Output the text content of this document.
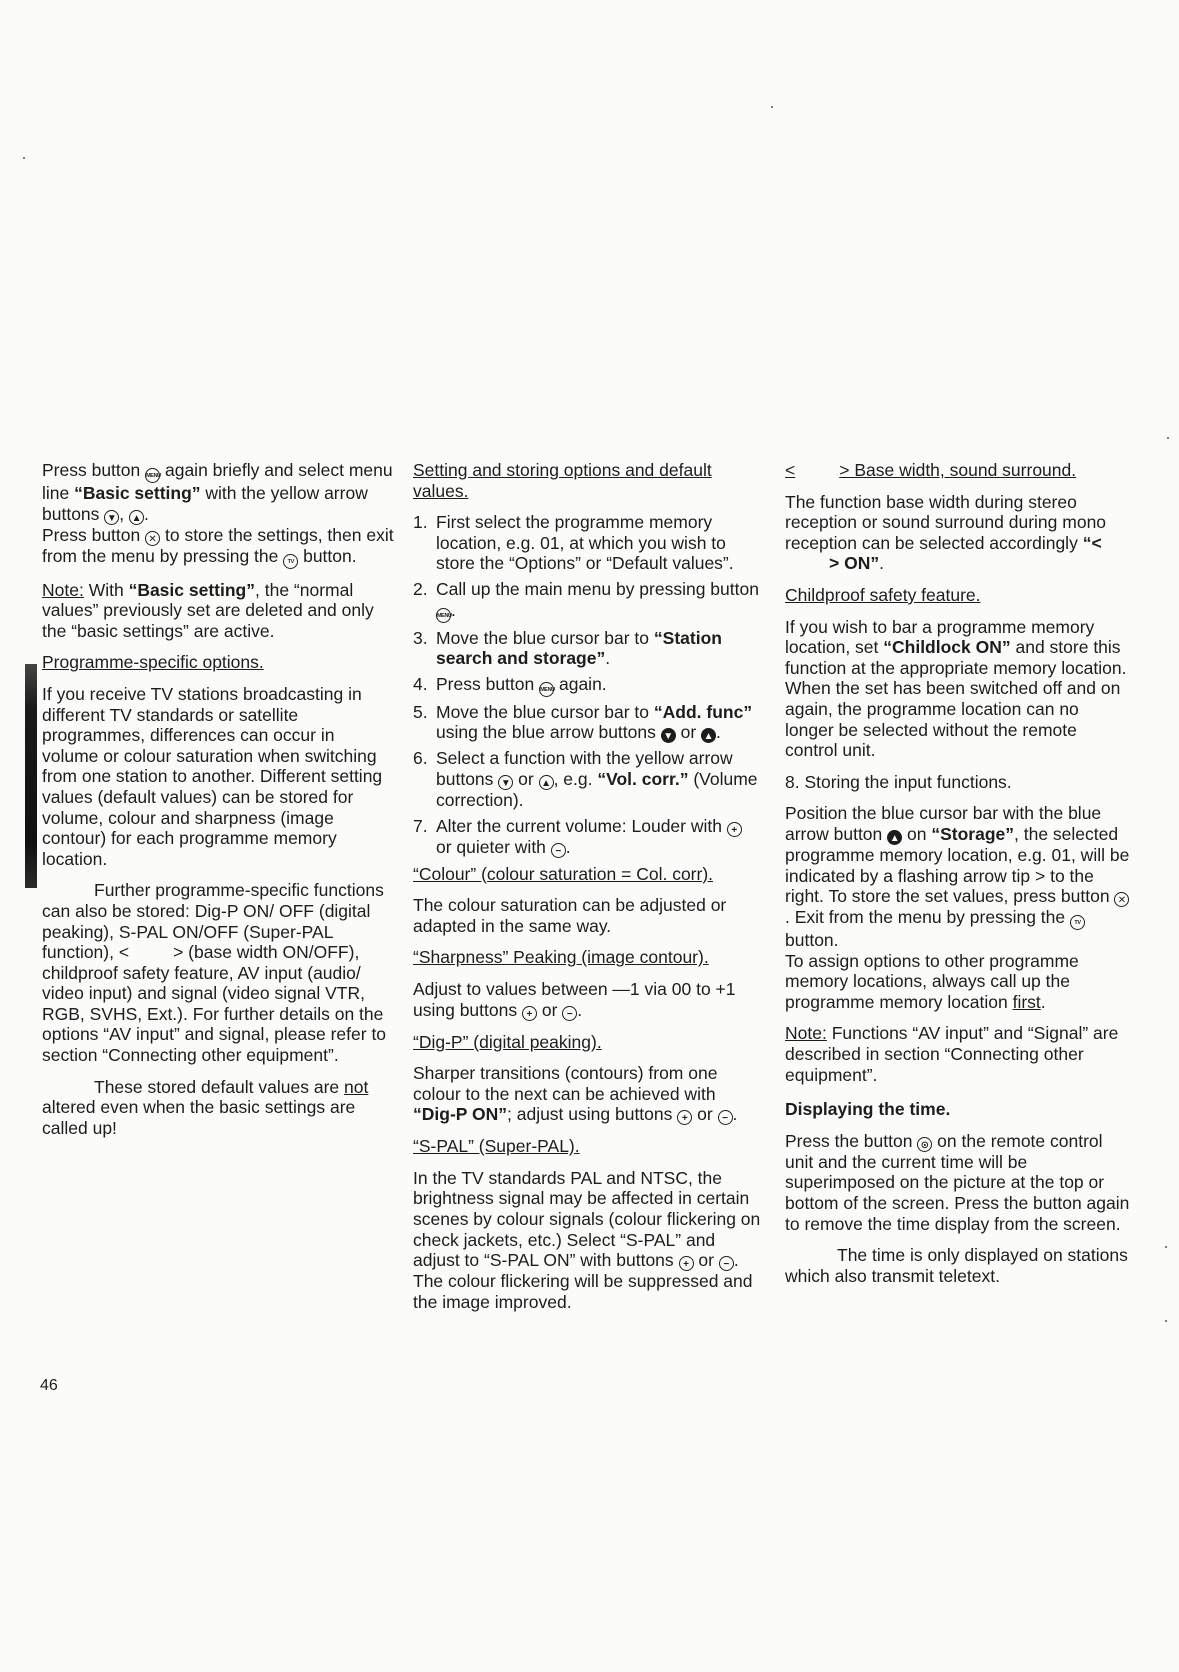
Press button MENU again briefly and select menu line “Basic setting” with the yellow arrow buttons ▼ , ▲ .
Press button ✕ to store the settings, then exit from the menu by pressing the TV button.

Note: With “Basic setting”, the “normal values” previously set are deleted and only the “basic settings” are active.

Programme-specific options.

If you receive TV stations broadcasting in different TV standards or satellite programmes, differences can occur in volume or colour saturation when switching from one station to another. Different setting values (default values) can be stored for volume, colour and sharpness (image contour) for each programme memory location.

Further programme-specific functions can also be stored: Dig-P ON/ OFF (digital peaking), S-PAL ON/OFF (Super-PAL function), <	> (base width ON/OFF), childproof safety feature, AV input (audio/ video input) and signal (video signal VTR, RGB, SVHS, Ext.). For further details on the options “AV input” and signal, please refer to section “Connecting other equipment”.

These stored default values are not altered even when the basic settings are called up!

Setting and storing options and default values.

1. First select the programme memory location, e.g. 01, at which you wish to store the “Options” or “Default values”.
2. Call up the main menu by pressing button MENU.
3. Move the blue cursor bar to “Station search and storage”.
4. Press button MENU again.
5. Move the blue cursor bar to “Add. func” using the blue arrow buttons ▼ or ▲ .
6. Select a function with the yellow arrow buttons ▼ or ▲ , e.g. “Vol. corr.” (Volume correction).
7. Alter the current volume: Louder with + or quieter with − .

“Colour” (colour saturation = Col. corr).

The colour saturation can be adjusted or adapted in the same way.

“Sharpness” Peaking (image contour).

Adjust to values between —1 via 00 to +1 using buttons + or − .

“Dig-P” (digital peaking).

Sharper transitions (contours) from one colour to the next can be achieved with “Dig-P ON”; adjust using buttons + or − .

“S-PAL” (Super-PAL).

In the TV standards PAL and NTSC, the brightness signal may be affected in certain scenes by colour signals (colour flickering on check jackets, etc.) Select “S-PAL” and adjust to “S-PAL ON” with buttons + or − . The colour flickering will be suppressed and the image improved.

<	> Base width, sound surround.

The function base width during stereo reception or sound surround during mono reception can be selected accordingly “<> ON”.

Childproof safety feature.

If you wish to bar a programme memory location, set “Childlock ON” and store this function at the appropriate memory location. When the set has been switched off and on again, the programme location can no longer be selected without the remote control unit.

8. Storing the input functions.

Position the blue cursor bar with the blue arrow button ▲ on “Storage”, the selected programme memory location, e.g. 01, will be indicated by a flashing arrow tip > to the right. To store the set values, press button ✕. Exit from the menu by pressing the TV button.

To assign options to other programme memory locations, always call up the programme memory location first.

Note: Functions “AV input” and “Signal” are described in section “Connecting other equipment”.

Displaying the time.

Press the button ⊙ on the remote control unit and the current time will be superimposed on the picture at the top or bottom of the screen. Press the button again to remove the time display from the screen.

The time is only displayed on stations which also transmit teletext.

46
